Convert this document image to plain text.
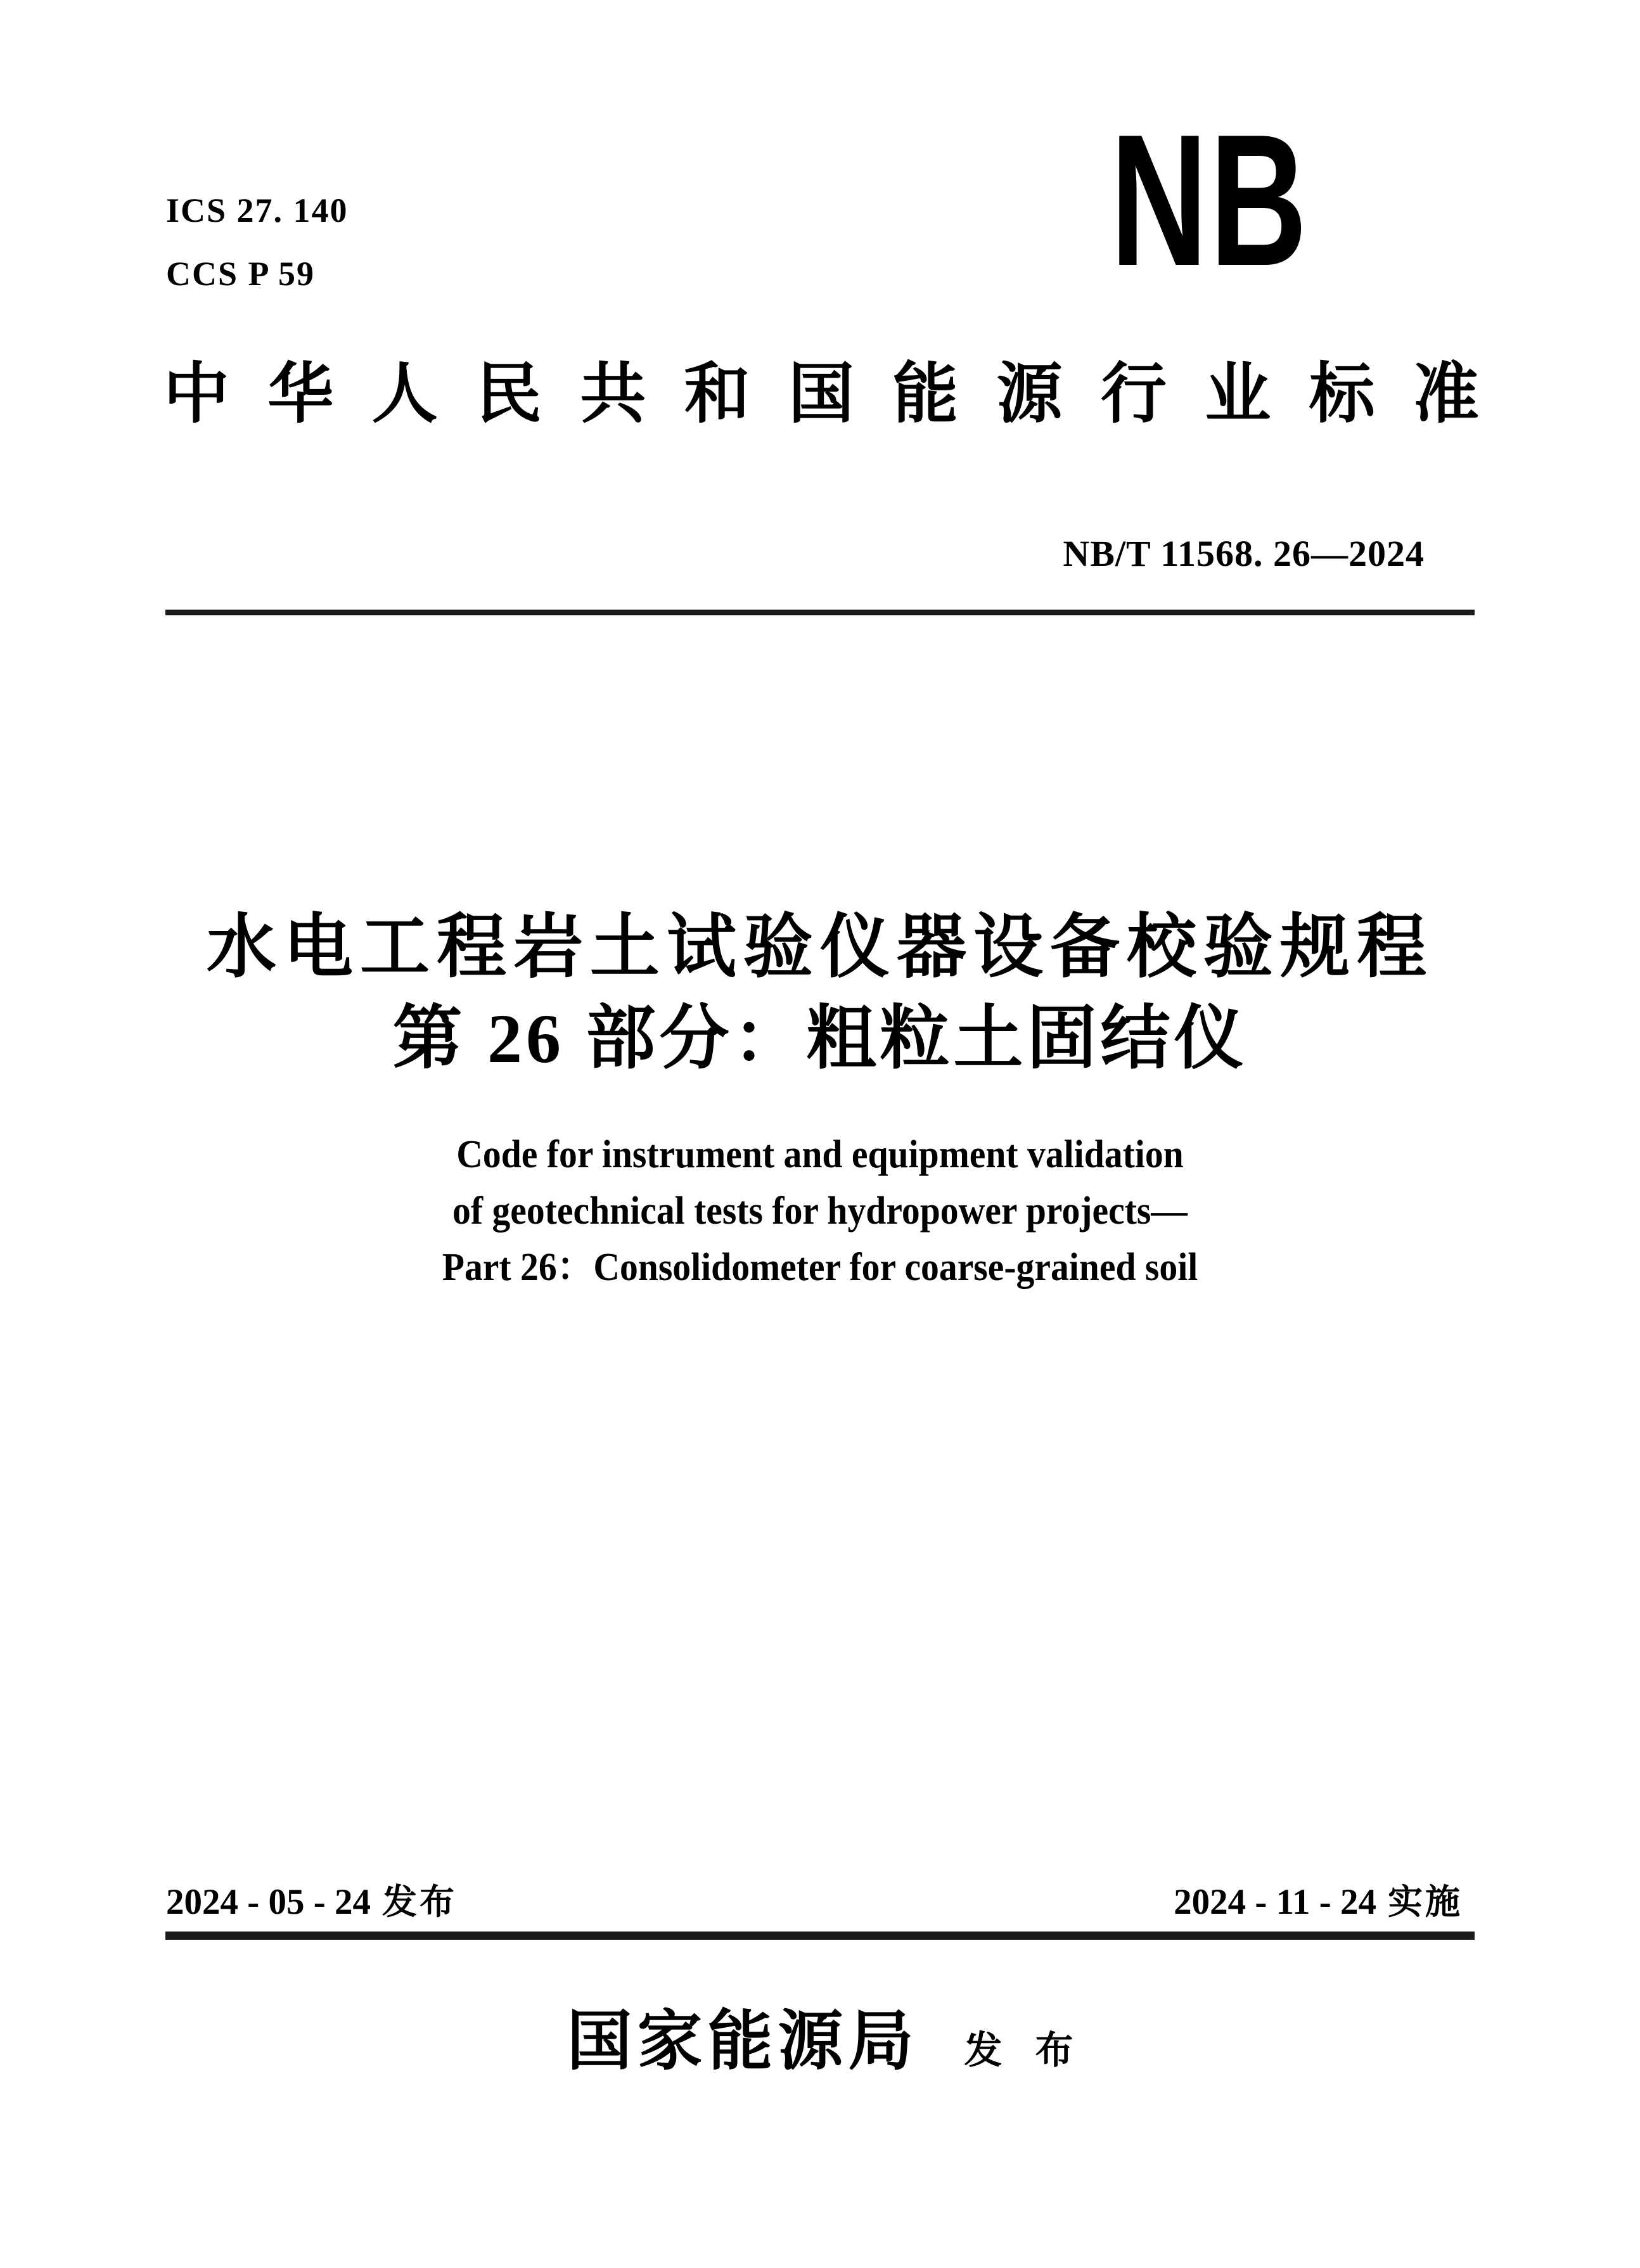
ICS 27. 140
CCS P 59	NB
中 华 人 民 共 和 国 能 源 行 业 标 准
NB/T 11568. 26—2024
水电工程岩土试验仪器设备校验规程
第 26 部分：粗粒土固结仪
Code for instrument and equipment validation
of geotechnical tests for hydropower projects—
Part 26：Consolidometer for coarse-grained soil
2024 - 05 - 24 发布	2024 - 11 - 24 实施
国家能源局 发布
